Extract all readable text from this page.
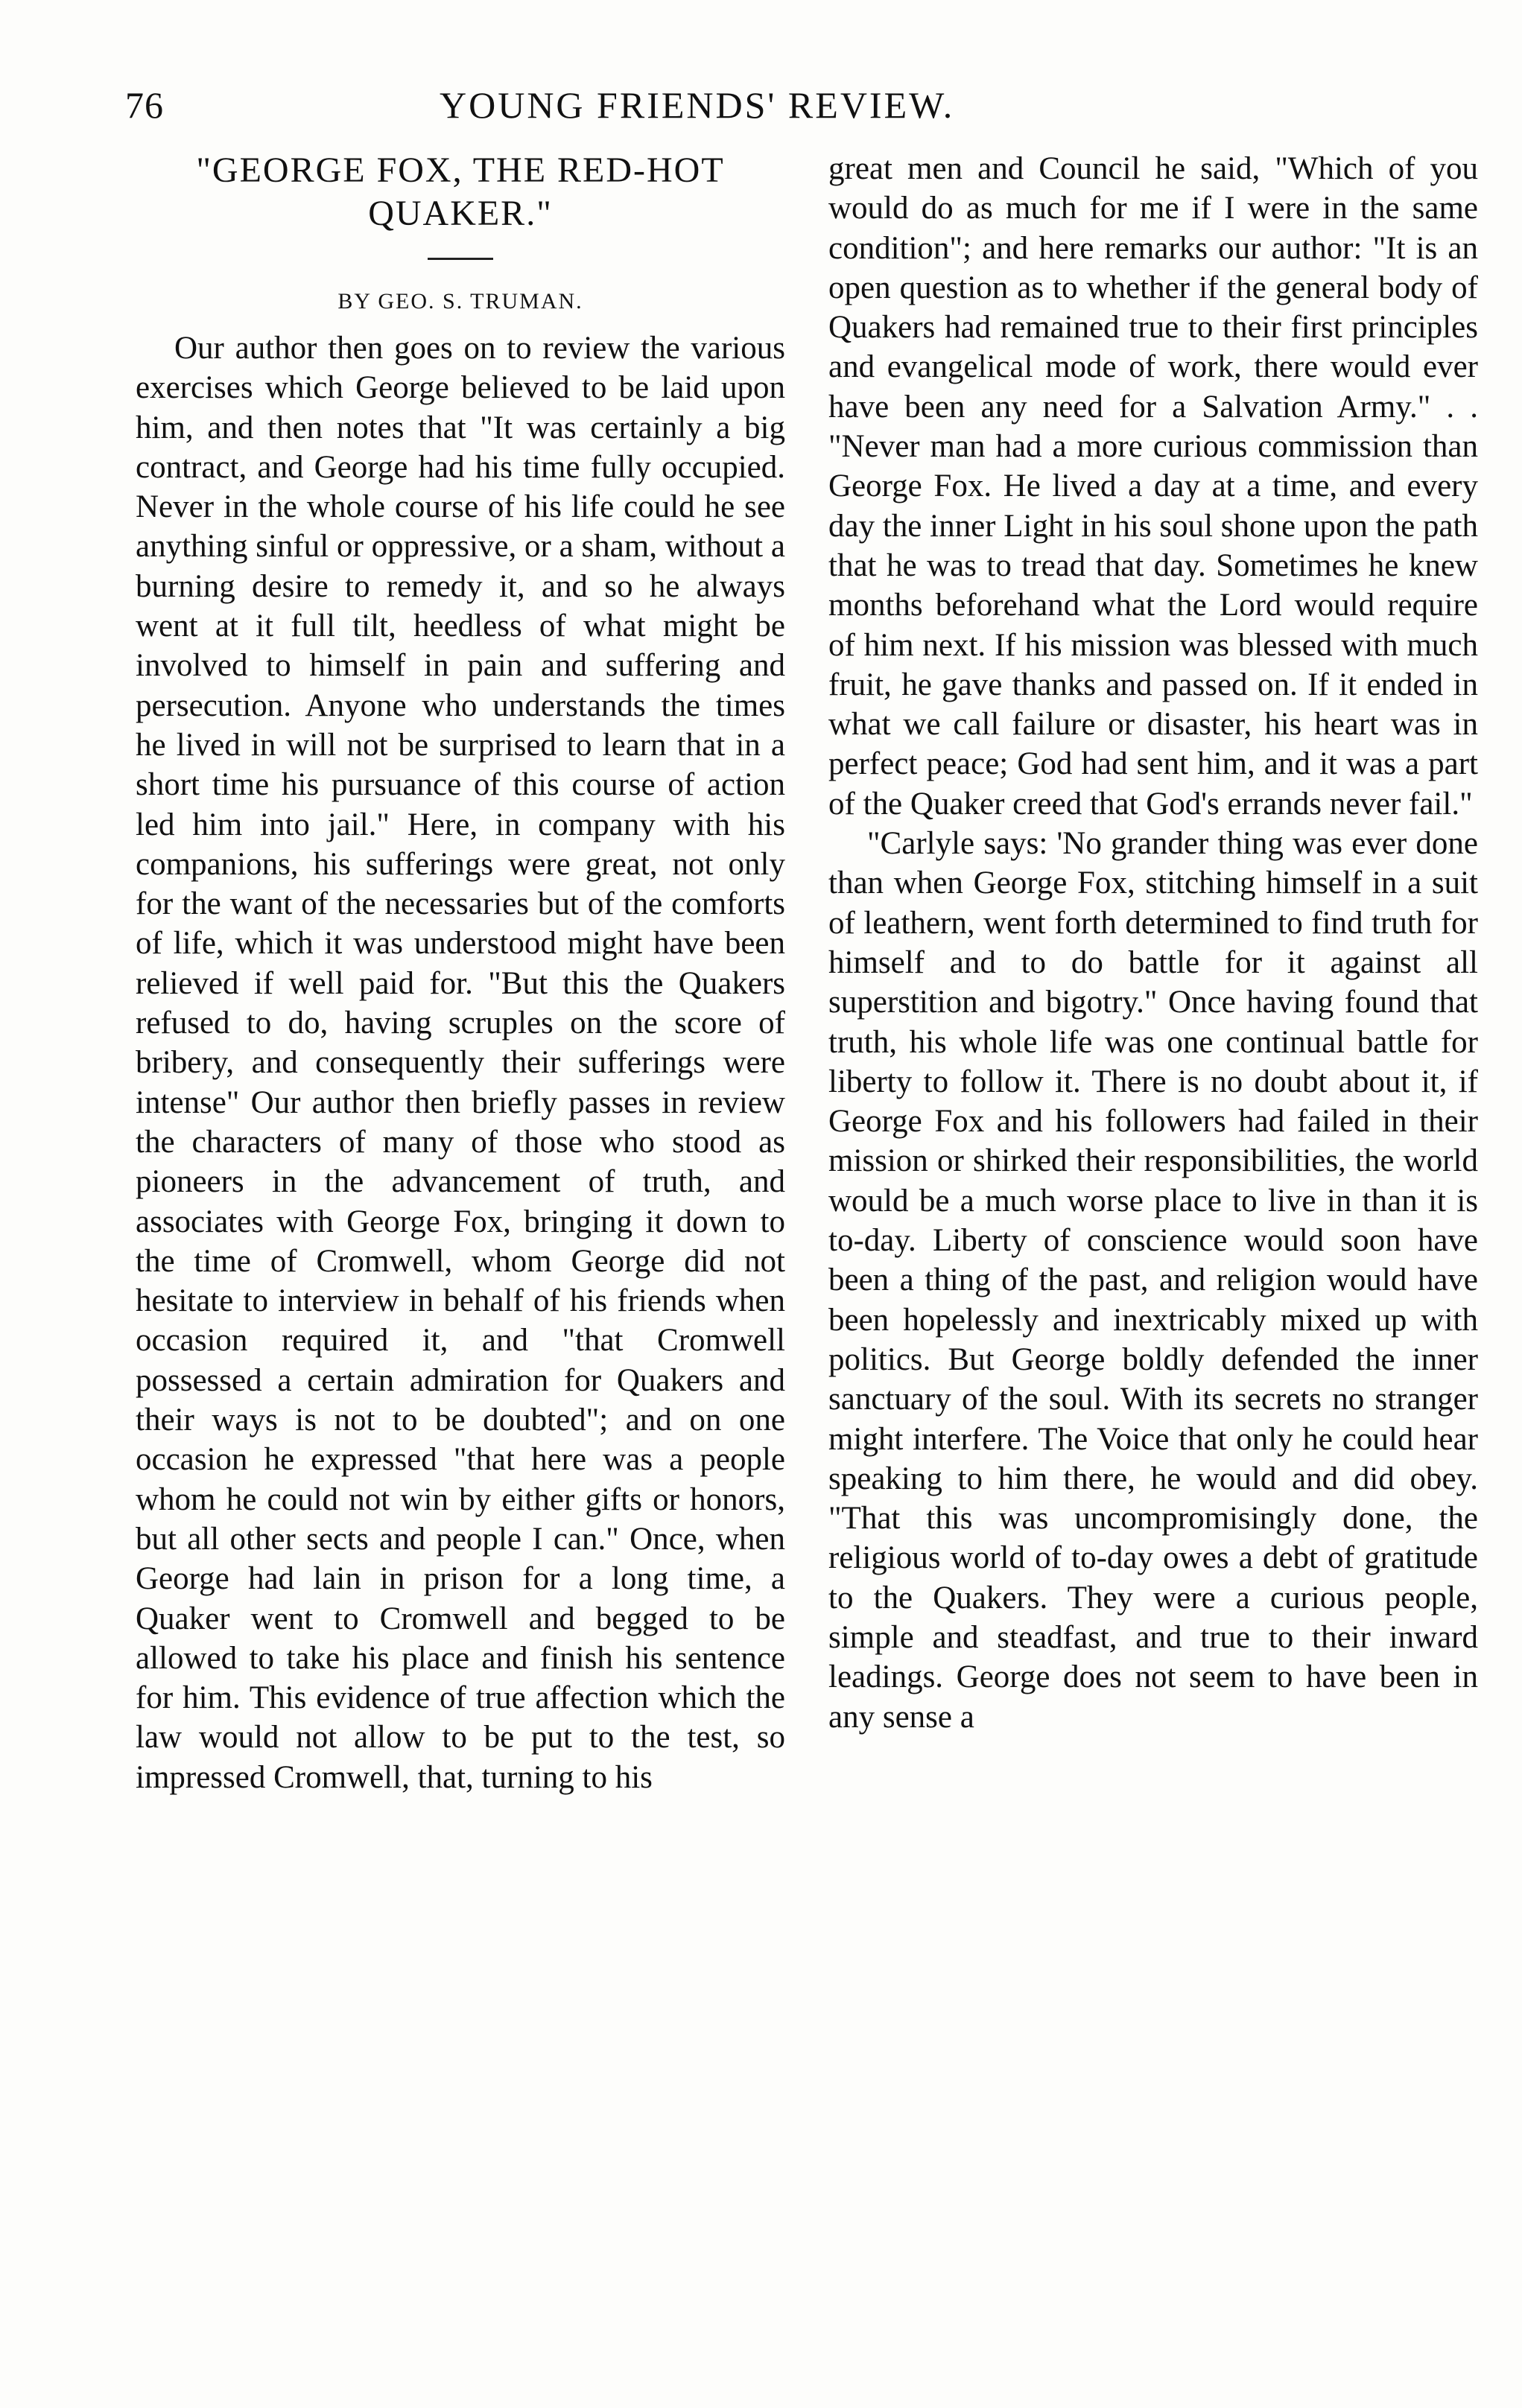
76	YOUNG FRIENDS' REVIEW.
"GEORGE FOX, THE RED-HOT QUAKER."

BY GEO. S. TRUMAN.

Our author then goes on to review the various exercises which George believed to be laid upon him, and then notes that "It was certainly a big contract, and George had his time fully occupied. Never in the whole course of his life could he see anything sinful or oppressive, or a sham, without a burning desire to remedy it, and so he always went at it full tilt, heedless of what might be involved to himself in pain and suffering and persecution. Anyone who understands the times he lived in will not be surprised to learn that in a short time his pursuance of this course of action led him into jail." Here, in company with his companions, his sufferings were great, not only for the want of the necessaries but of the comforts of life, which it was understood might have been relieved if well paid for. "But this the Quakers refused to do, having scruples on the score of bribery, and consequently their sufferings were intense" Our author then briefly passes in review the characters of many of those who stood as pioneers in the advancement of truth, and associates with George Fox, bringing it down to the time of Cromwell, whom George did not hesitate to interview in behalf of his friends when occasion required it, and "that Cromwell possessed a certain admiration for Quakers and their ways is not to be doubted"; and on one occasion he expressed "that here was a people whom he could not win by either gifts or honors, but all other sects and people I can." Once, when George had lain in prison for a long time, a Quaker went to Cromwell and begged to be allowed to take his place and finish his sentence for him. This evidence of true affection which the law would not allow to be put to the test, so impressed Cromwell, that, turning to his

great men and Council he said, "Which of you would do as much for me if I were in the same condition"; and here remarks our author: "It is an open question as to whether if the general body of Quakers had remained true to their first principles and evangelical mode of work, there would ever have been any need for a Salvation Army." . . "Never man had a more curious commission than George Fox. He lived a day at a time, and every day the inner Light in his soul shone upon the path that he was to tread that day. Sometimes he knew months beforehand what the Lord would require of him next. If his mission was blessed with much fruit, he gave thanks and passed on. If it ended in what we call failure or disaster, his heart was in perfect peace; God had sent him, and it was a part of the Quaker creed that God's errands never fail."

"Carlyle says: 'No grander thing was ever done than when George Fox, stitching himself in a suit of leathern, went forth determined to find truth for himself and to do battle for it against all superstition and bigotry." Once having found that truth, his whole life was one continual battle for liberty to follow it. There is no doubt about it, if George Fox and his followers had failed in their mission or shirked their responsibilities, the world would be a much worse place to live in than it is to-day. Liberty of conscience would soon have been a thing of the past, and religion would have been hopelessly and inextricably mixed up with politics. But George boldly defended the inner sanctuary of the soul. With its secrets no stranger might interfere. The Voice that only he could hear speaking to him there, he would and did obey. "That this was uncompromisingly done, the religious world of to-day owes a debt of gratitude to the Quakers. They were a curious people, simple and steadfast, and true to their inward leadings. George does not seem to have been in any sense a
